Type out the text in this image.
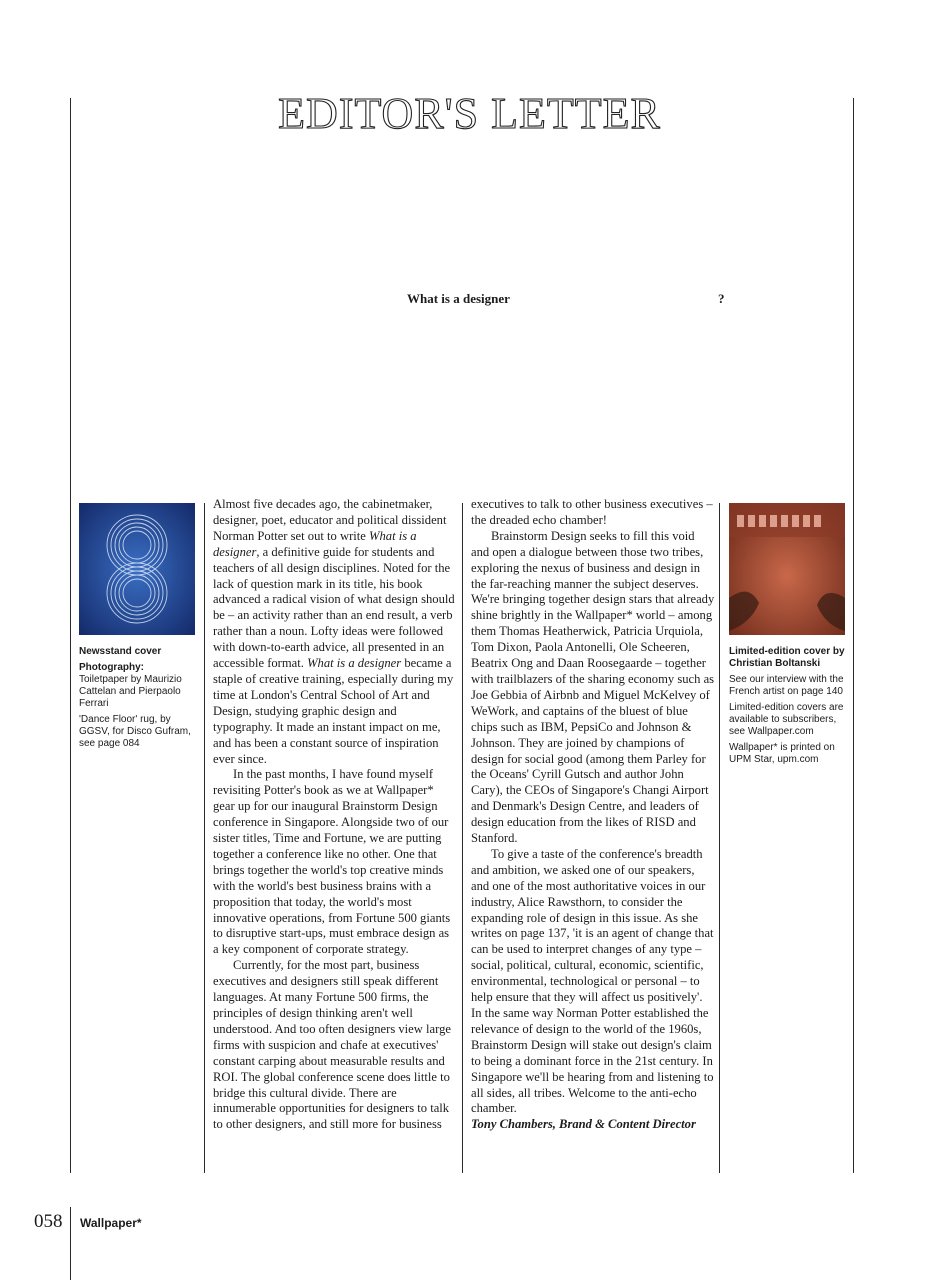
EDITOR'S LETTER
What is a designer	?

Newsstand cover

Photography:

Toiletpaper by Maurizio Cattelan and Pierpaolo Ferrari

'Dance Floor' rug, by GGSV, for Disco Gufram, see page 084

Limited-edition cover by Christian Boltanski

See our interview with the French artist on page 140

Limited-edition covers are available to subscribers, see Wallpaper.com

Wallpaper* is printed on UPM Star, upm.com

Almost five decades ago, the cabinetmaker, designer, poet, educator and political dissident Norman Potter set out to write What is a designer, a definitive guide for students and teachers of all design disciplines. Noted for the lack of question mark in its title, his book advanced a radical vision of what design should be – an activity rather than an end result, a verb rather than a noun. Lofty ideas were followed with down-to-earth advice, all presented in an accessible format. What is a designer became a staple of creative training, especially during my time at London's Central School of Art and Design, studying graphic design and typography. It made an instant impact on me, and has been a constant source of inspiration ever since.

In the past months, I have found myself revisiting Potter's book as we at Wallpaper* gear up for our inaugural Brainstorm Design conference in Singapore. Alongside two of our sister titles, Time and Fortune, we are putting together a conference like no other. One that brings together the world's top creative minds with the world's best business brains with a proposition that today, the world's most innovative operations, from Fortune 500 giants to disruptive start-ups, must embrace design as a key component of corporate strategy.

Currently, for the most part, business executives and designers still speak different languages. At many Fortune 500 firms, the principles of design thinking aren't well understood. And too often designers view large firms with suspicion and chafe at executives' constant carping about measurable results and ROI. The global conference scene does little to bridge this cultural divide. There are innumerable opportunities for designers to talk to other designers, and still more for business

executives to talk to other business executives – the dreaded echo chamber!

Brainstorm Design seeks to fill this void and open a dialogue between those two tribes, exploring the nexus of business and design in the far-reaching manner the subject deserves. We're bringing together design stars that already shine brightly in the Wallpaper* world – among them Thomas Heatherwick, Patricia Urquiola, Tom Dixon, Paola Antonelli, Ole Scheeren, Beatrix Ong and Daan Roosegaarde – together with trailblazers of the sharing economy such as Joe Gebbia of Airbnb and Miguel McKelvey of WeWork, and captains of the bluest of blue chips such as IBM, PepsiCo and Johnson & Johnson. They are joined by champions of design for social good (among them Parley for the Oceans' Cyrill Gutsch and author John Cary), the CEOs of Singapore's Changi Airport and Denmark's Design Centre, and leaders of design education from the likes of RISD and Stanford.

To give a taste of the conference's breadth and ambition, we asked one of our speakers, and one of the most authoritative voices in our industry, Alice Rawsthorn, to consider the expanding role of design in this issue. As she writes on page 137, 'it is an agent of change that can be used to interpret changes of any type – social, political, cultural, economic, scientific, environmental, technological or personal – to help ensure that they will affect us positively'. In the same way Norman Potter established the relevance of design to the world of the 1960s, Brainstorm Design will stake out design's claim to being a dominant force in the 21st century. In Singapore we'll be hearing from and listening to all sides, all tribes. Welcome to the anti-echo chamber.

Tony Chambers, Brand & Content Director

058 Wallpaper*
